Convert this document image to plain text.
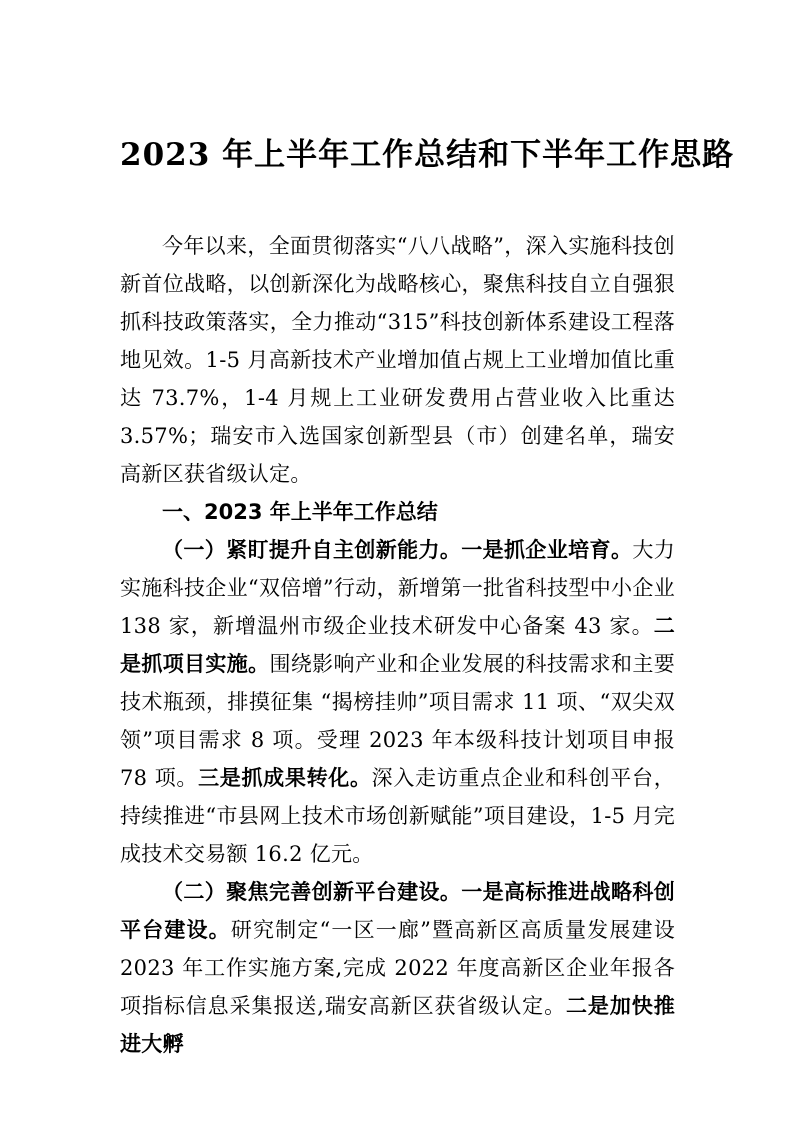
2023 年上半年工作总结和下半年工作思路

今年以来，全面贯彻落实“八八战略”，深入实施科技创新首位战略，以创新深化为战略核心，聚焦科技自立自强狠抓科技政策落实，全力推动“315”科技创新体系建设工程落地见效。1-5 月高新技术产业增加值占规上工业增加值比重达 73.7%，1-4 月规上工业研发费用占营业收入比重达 3.57%；瑞安市入选国家创新型县（市）创建名单，瑞安高新区获省级认定。

一、2023 年上半年工作总结

（一）紧盯提升自主创新能力。一是抓企业培育。大力实施科技企业“双倍增”行动，新增第一批省科技型中小企业 138 家，新增温州市级企业技术研发中心备案 43 家。二是抓项目实施。围绕影响产业和企业发展的科技需求和主要技术瓶颈，排摸征集 “揭榜挂帅”项目需求 11 项、“双尖双领”项目需求 8 项。受理 2023 年本级科技计划项目申报 78 项。三是抓成果转化。深入走访重点企业和科创平台，持续推进“市县网上技术市场创新赋能”项目建设，1-5 月完成技术交易额 16.2 亿元。

（二）聚焦完善创新平台建设。一是高标推进战略科创平台建设。研究制定“一区一廊”暨高新区高质量发展建设 2023 年工作实施方案,完成 2022 年度高新区企业年报各项指标信息采集报送,瑞安高新区获省级认定。二是加快推进大孵
